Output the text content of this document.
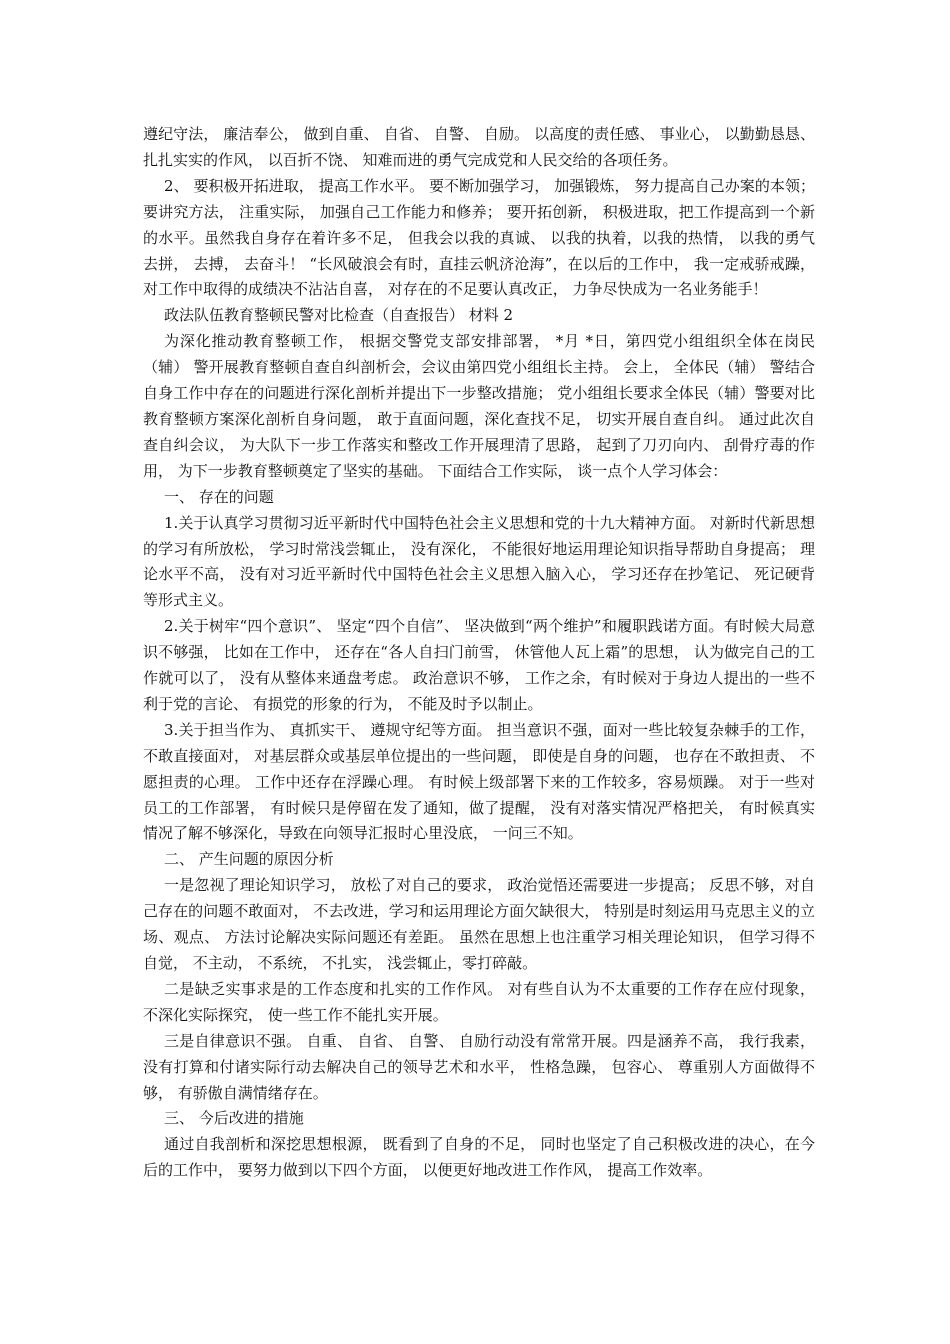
遵纪守法， 廉洁奉公， 做到自重、 自省、 自警、 自励。 以高度的责任感、 事业心， 以勤勤恳恳、扎扎实实的作风， 以百折不饶、 知难而进的勇气完成党和人民交给的各项任务。

2、 要积极开拓进取， 提高工作水平。 要不断加强学习， 加强锻炼， 努力提高自己办案的本领； 要讲究方法， 注重实际， 加强自己工作能力和修养； 要开拓创新， 积极进取，把工作提高到一个新的水平。虽然我自身存在着许多不足， 但我会以我的真诚、 以我的执着，以我的热情， 以我的勇气去拼， 去搏， 去奋斗！ “长风破浪会有时，直挂云帆济沧海”，在以后的工作中， 我一定戒骄戒躁， 对工作中取得的成绩决不沾沾自喜， 对存在的不足要认真改正， 力争尽快成为一名业务能手！

政法队伍教育整顿民警对比检查（自查报告） 材料 2

为深化推动教育整顿工作， 根据交警党支部安排部署， *月 *日，第四党小组组织全体在岗民（辅） 警开展教育整顿自查自纠剖析会，会议由第四党小组组长主持。 会上， 全体民（辅） 警结合自身工作中存在的问题进行深化剖析并提出下一步整改措施； 党小组组长要求全体民（辅）警要对比教育整顿方案深化剖析自身问题， 敢于直面问题，深化查找不足， 切实开展自查自纠。 通过此次自查自纠会议， 为大队下一步工作落实和整改工作开展理清了思路， 起到了刀刃向内、 刮骨疗毒的作用， 为下一步教育整顿奠定了坚实的基础。 下面结合工作实际， 谈一点个人学习体会：

一、 存在的问题

1.关于认真学习贯彻习近平新时代中国特色社会主义思想和党的十九大精神方面。 对新时代新思想的学习有所放松， 学习时常浅尝辄止， 没有深化， 不能很好地运用理论知识指导帮助自身提高； 理论水平不高， 没有对习近平新时代中国特色社会主义思想入脑入心， 学习还存在抄笔记、 死记硬背等形式主义。

2.关于树牢“四个意识”、 坚定“四个自信”、 坚决做到“两个维护”和履职践诺方面。有时候大局意识不够强， 比如在工作中， 还存在“各人自扫门前雪， 休管他人瓦上霜”的思想， 认为做完自己的工作就可以了， 没有从整体来通盘考虑。 政治意识不够， 工作之余，有时候对于身边人提出的一些不利于党的言论、 有损党的形象的行为， 不能及时予以制止。

3.关于担当作为、 真抓实干、 遵规守纪等方面。 担当意识不强，面对一些比较复杂棘手的工作， 不敢直接面对， 对基层群众或基层单位提出的一些问题， 即使是自身的问题， 也存在不敢担责、 不愿担责的心理。 工作中还存在浮躁心理。 有时候上级部署下来的工作较多，容易烦躁。 对于一些对员工的工作部署， 有时候只是停留在发了通知，做了提醒， 没有对落实情况严格把关， 有时候真实情况了解不够深化，导致在向领导汇报时心里没底， 一问三不知。

二、 产生问题的原因分析

一是忽视了理论知识学习， 放松了对自己的要求， 政治觉悟还需要进一步提高； 反思不够，对自己存在的问题不敢面对， 不去改进，学习和运用理论方面欠缺很大， 特别是时刻运用马克思主义的立场、观点、 方法讨论解决实际问题还有差距。 虽然在思想上也注重学习相关理论知识， 但学习得不自觉， 不主动， 不系统， 不扎实， 浅尝辄止，零打碎敲。

二是缺乏实事求是的工作态度和扎实的工作作风。 对有些自认为不太重要的工作存在应付现象， 不深化实际探究， 使一些工作不能扎实开展。

三是自律意识不强。 自重、 自省、 自警、 自励行动没有常常开展。四是涵养不高， 我行我素， 没有打算和付诸实际行动去解决自己的领导艺术和水平， 性格急躁， 包容心、 尊重别人方面做得不够， 有骄傲自满情绪存在。

三、 今后改进的措施

通过自我剖析和深挖思想根源， 既看到了自身的不足， 同时也坚定了自己积极改进的决心，在今后的工作中， 要努力做到以下四个方面， 以便更好地改进工作作风， 提高工作效率。
